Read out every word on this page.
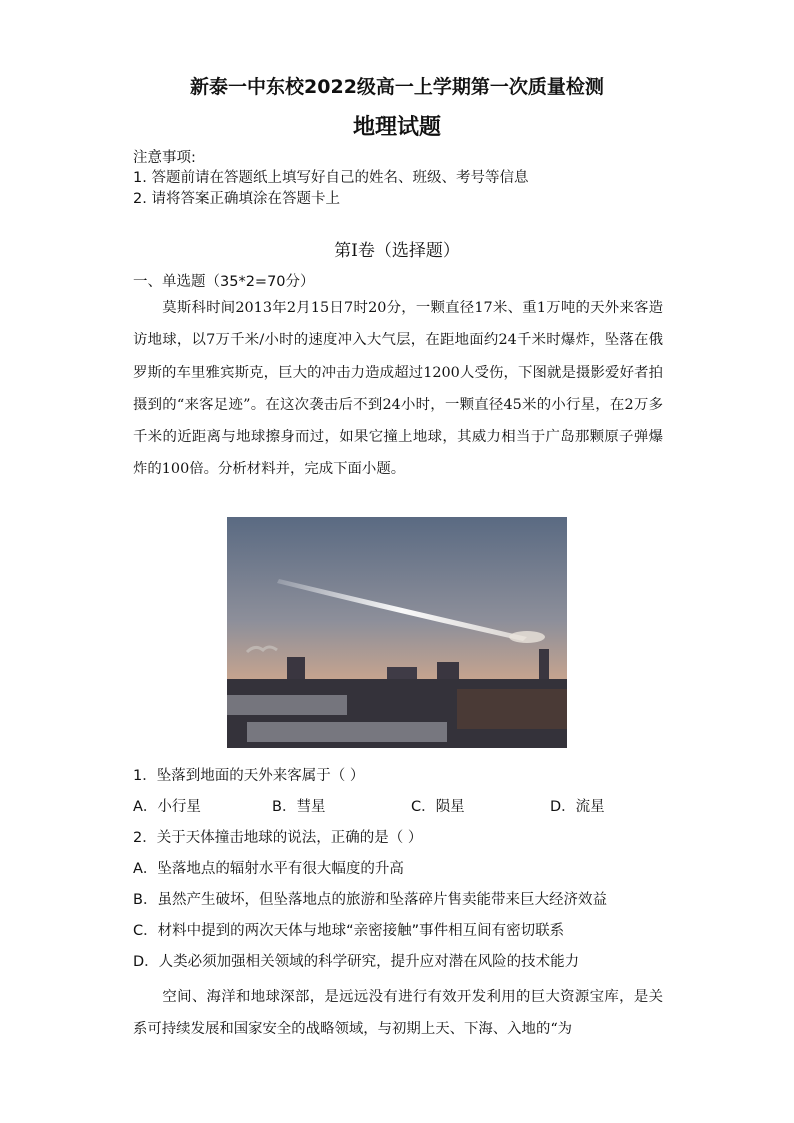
新泰一中东校2022级高一上学期第一次质量检测
地理试题
注意事项:
1. 答题前请在答题纸上填写好自己的姓名、班级、考号等信息
2. 请将答案正确填涂在答题卡上
第Ⅰ卷（选择题）
一、单选题（35*2=70分）
莫斯科时间2013年2月15日7时20分，一颗直径17米、重1万吨的天外来客造访地球，以7万千米/小时的速度冲入大气层，在距地面约24千米时爆炸，坠落在俄罗斯的车里雅宾斯克，巨大的冲击力造成超过1200人受伤，下图就是摄影爱好者拍摄到的“来客足迹”。在这次袭击后不到24小时，一颗直径45米的小行星，在2万多千米的近距离与地球擦身而过，如果它撞上地球，其威力相当于广岛那颗原子弹爆炸的100倍。分析材料并，完成下面小题。
1．坠落到地面的天外来客属于（ ）
A．小行星	B．彗星	C．陨星	D．流星
2．关于天体撞击地球的说法，正确的是（ ）
A．坠落地点的辐射水平有很大幅度的升高
B．虽然产生破坏，但坠落地点的旅游和坠落碎片售卖能带来巨大经济效益
C．材料中提到的两次天体与地球“亲密接触”事件相互间有密切联系
D．人类必须加强相关领域的科学研究，提升应对潜在风险的技术能力
空间、海洋和地球深部，是远远没有进行有效开发利用的巨大资源宝库，是关系可持续发展和国家安全的战略领域，与初期上天、下海、入地的“为
